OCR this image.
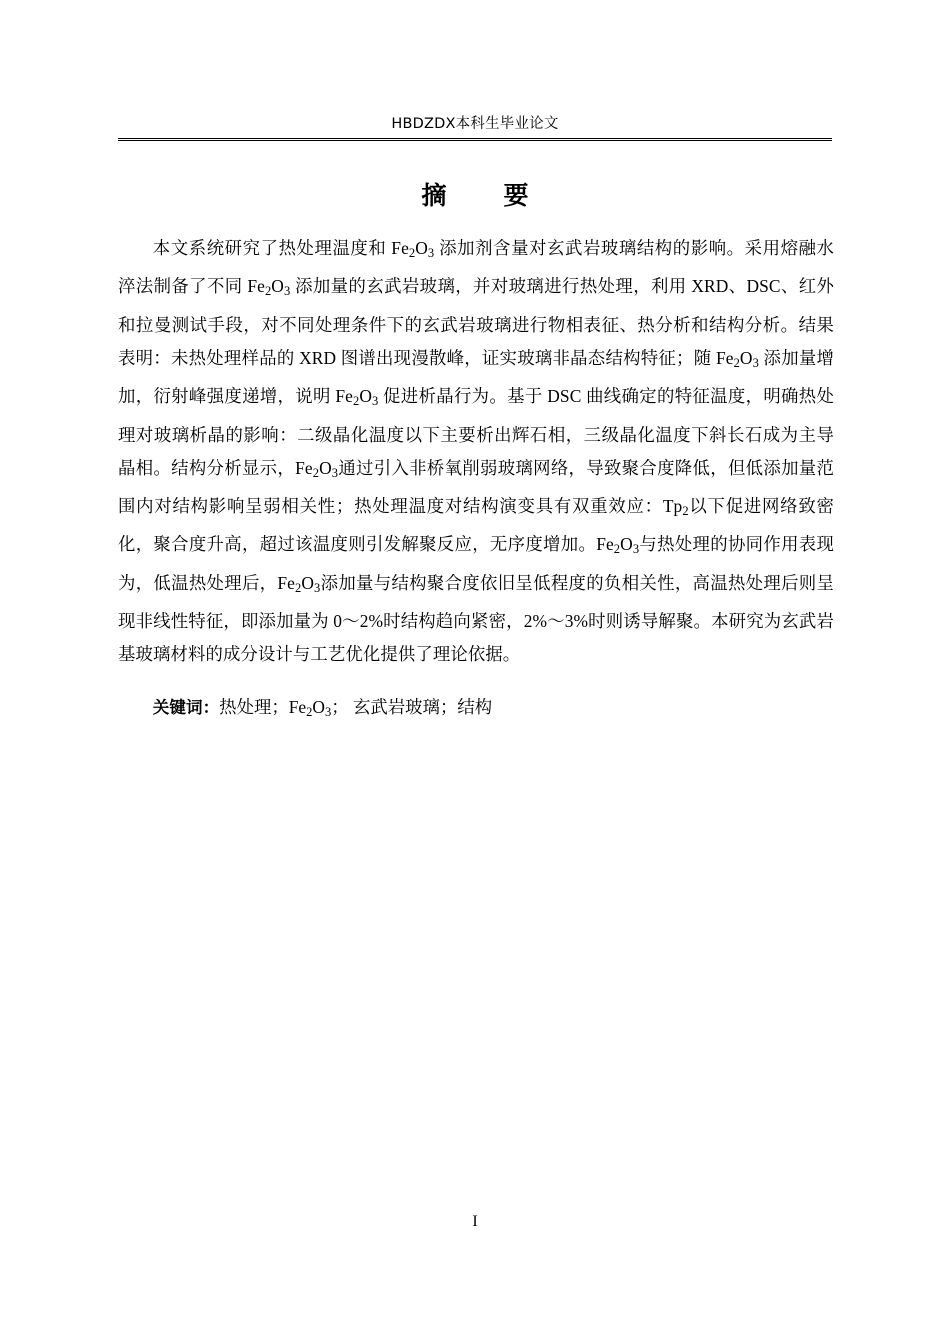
HBDZDX本科生毕业论文
摘　要

本文系统研究了热处理温度和 $Fe_2O_3$ 添加剂含量对玄武岩玻璃结构的影响。采用熔融水淬法制备了不同 $Fe_2O_3$ 添加量的玄武岩玻璃，并对玻璃进行热处理，利用 XRD、DSC、红外和拉曼测试手段，对不同处理条件下的玄武岩玻璃进行物相表征、热分析和结构分析。结果表明：未热处理样品的 XRD 图谱出现漫散峰，证实玻璃非晶态结构特征；随 $Fe_2O_3$ 添加量增加，衍射峰强度递增，说明 $Fe_2O_3$ 促进析晶行为。基于 DSC 曲线确定的特征温度，明确热处理对玻璃析晶的影响：二级晶化温度以下主要析出辉石相，三级晶化温度下斜长石成为主导晶相。结构分析显示，$Fe_2O_3$通过引入非桥氧削弱玻璃网络，导致聚合度降低，但低添加量范围内对结构影响呈弱相关性；热处理温度对结构演变具有双重效应：$Tp_2$以下促进网络致密化，聚合度升高，超过该温度则引发解聚反应，无序度增加。$Fe_2O_3$与热处理的协同作用表现为，低温热处理后，$Fe_2O_3$添加量与结构聚合度依旧呈低程度的负相关性，高温热处理后则呈现非线性特征，即添加量为 0～2%时结构趋向紧密，2%～3%时则诱导解聚。本研究为玄武岩基玻璃材料的成分设计与工艺优化提供了理论依据。

关键词：热处理；$Fe_2O_3$； 玄武岩玻璃；结构
I
